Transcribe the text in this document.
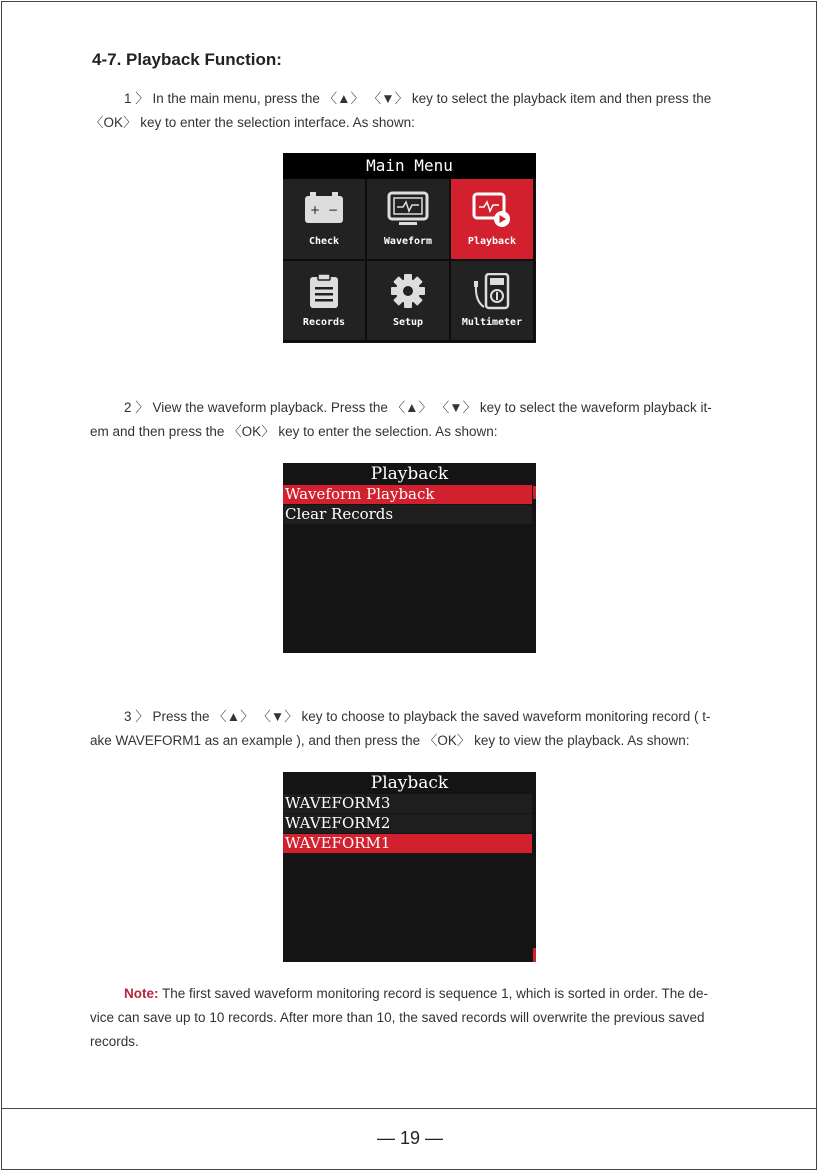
4-7. Playback Function:
1 〉 In the main menu, press the 〈▲〉 〈▼〉 key to select the playback item and then press the
〈OK〉 key to enter the selection interface. As shown:
Main Menu
+ −
Check	Waveform	Playback
Records	Setup	Multimeter
2 〉 View the waveform playback. Press the 〈▲〉 〈▼〉 key to select the waveform playback it-
em and then press the 〈OK〉 key to enter the selection. As shown:
Playback
Waveform Playback
Clear Records
3 〉 Press the 〈▲〉 〈▼〉 key to choose to playback the saved waveform monitoring record ( t-
ake WAVEFORM1 as an example ), and then press the 〈OK〉 key to view the playback. As shown:
Playback
WAVEFORM3
WAVEFORM2
WAVEFORM1
Note: The first saved waveform monitoring record is sequence 1, which is sorted in order. The de-
vice can save up to 10 records. After more than 10, the saved records will overwrite the previous saved
records.
— 19 —
